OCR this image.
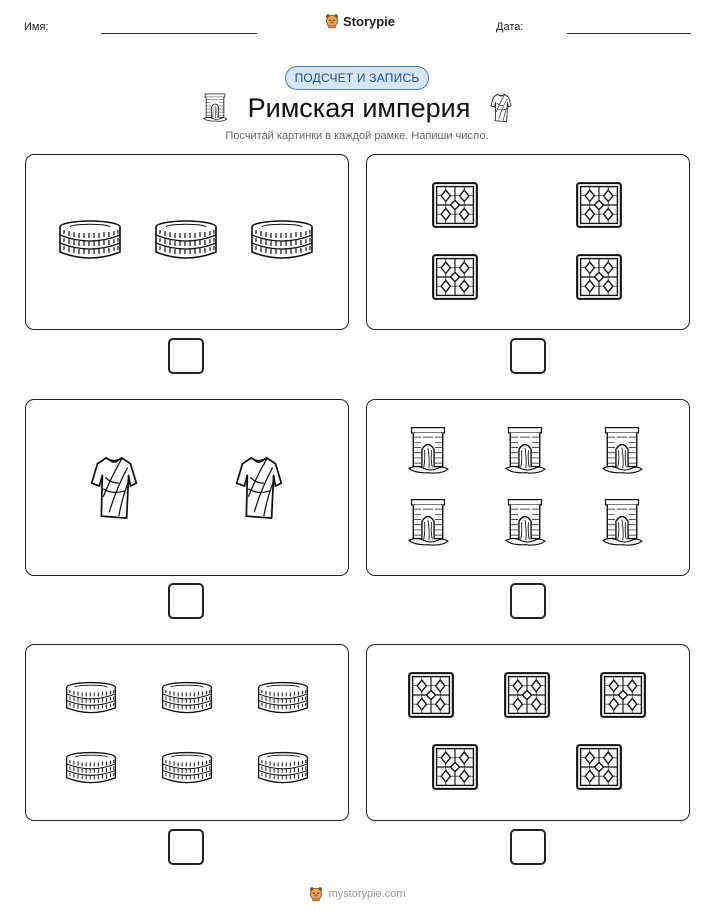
Имя:	Storypie	Дата:
ПОДСЧЕТ И ЗАПИСЬ
Римская империя
Посчитай картинки в каждой рамке. Напиши число.
mystorypie.com
